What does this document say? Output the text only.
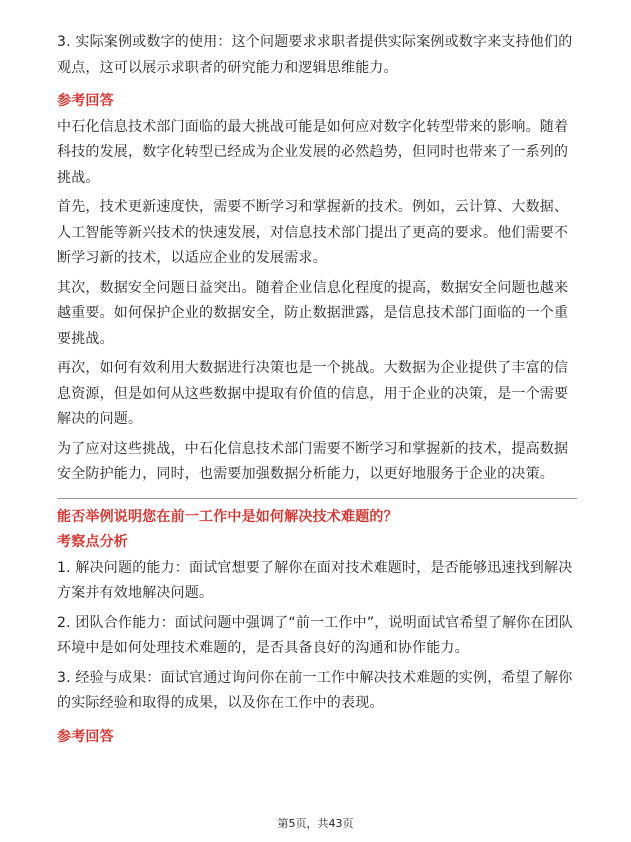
3. 实际案例或数字的使用：这个问题要求求职者提供实际案例或数字来支持他们的观点，这可以展示求职者的研究能力和逻辑思维能力。

参考回答

中石化信息技术部门面临的最大挑战可能是如何应对数字化转型带来的影响。随着科技的发展，数字化转型已经成为企业发展的必然趋势，但同时也带来了一系列的挑战。

首先，技术更新速度快，需要不断学习和掌握新的技术。例如，云计算、大数据、人工智能等新兴技术的快速发展，对信息技术部门提出了更高的要求。他们需要不断学习新的技术，以适应企业的发展需求。

其次，数据安全问题日益突出。随着企业信息化程度的提高，数据安全问题也越来越重要。如何保护企业的数据安全，防止数据泄露，是信息技术部门面临的一个重要挑战。

再次，如何有效利用大数据进行决策也是一个挑战。大数据为企业提供了丰富的信息资源，但是如何从这些数据中提取有价值的信息，用于企业的决策，是一个需要解决的问题。

为了应对这些挑战，中石化信息技术部门需要不断学习和掌握新的技术，提高数据安全防护能力，同时，也需要加强数据分析能力，以更好地服务于企业的决策。

能否举例说明您在前一工作中是如何解决技术难题的？

考察点分析

1. 解决问题的能力：面试官想要了解你在面对技术难题时，是否能够迅速找到解决方案并有效地解决问题。

2. 团队合作能力：面试问题中强调了“前一工作中”，说明面试官希望了解你在团队环境中是如何处理技术难题的，是否具备良好的沟通和协作能力。

3. 经验与成果：面试官通过询问你在前一工作中解决技术难题的实例，希望了解你的实际经验和取得的成果，以及你在工作中的表现。

参考回答

第5页，共43页
